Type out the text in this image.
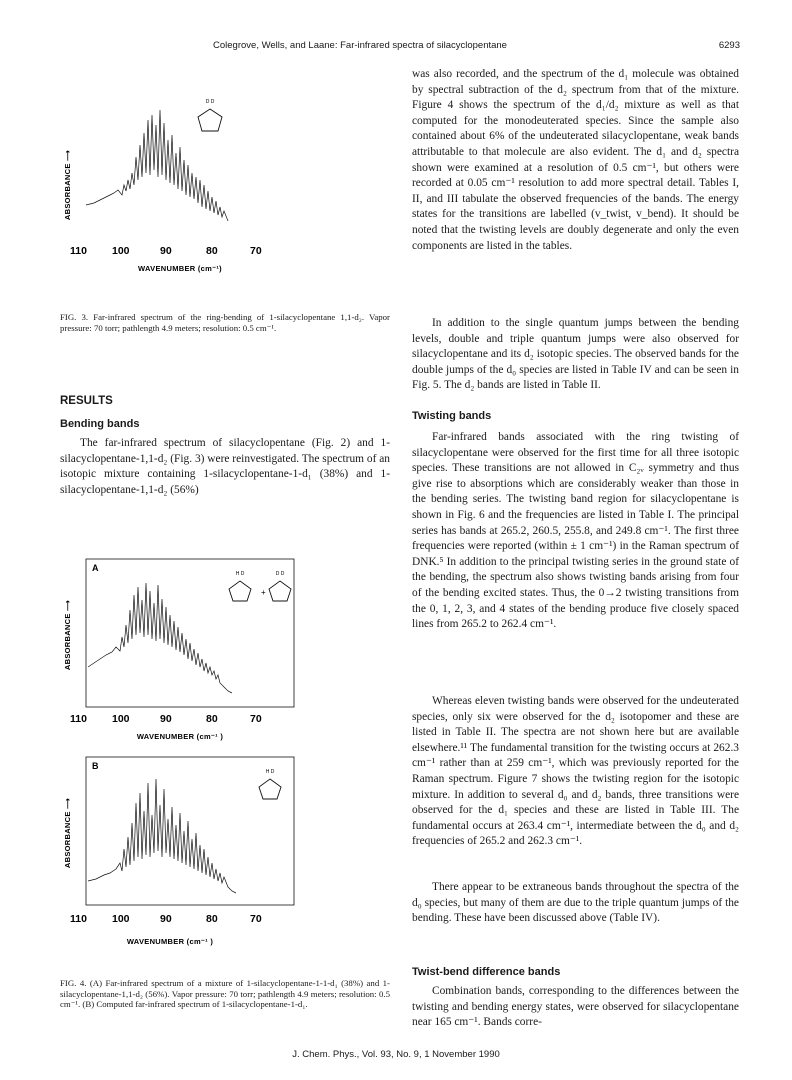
Colegrove, Wells, and Laane: Far-infrared spectra of silacyclopentane	6293
ABSORBANCE ⟶
D D
110 100	90	80	70
WAVENUMBER (cm⁻¹)
FIG. 3. Far-infrared spectrum of the ring-bending of 1-silacyclopentane 1,1-d₂. Vapor pressure: 70 torr; pathlength 4.9 meters; resolution: 0.5 cm⁻¹.
RESULTS
Bending bands
The far-infrared spectrum of silacyclopentane (Fig. 2) and 1-silacyclopentane-1,1-d₂ (Fig. 3) were reinvestigated. The spectrum of an isotopic mixture containing 1-silacyclopentane-1-d₁ (38%) and 1-silacyclopentane-1,1-d₂ (56%)
A
ABSORBANCE ⟶
H D
+
D D
110 100	90	80	70
WAVENUMBER (cm⁻¹ )
B
ABSORBANCE ⟶
H D
110 100	90	80	70
WAVENUMBER (cm⁻¹ )
FIG. 4. (A) Far-infrared spectrum of a mixture of 1-silacyclopentane-1-1-d₁ (38%) and 1-silacyclopentane-1,1-d₂ (56%). Vapor pressure: 70 torr; pathlength 4.9 meters; resolution: 0.5 cm⁻¹. (B) Computed far-infrared spectrum of 1-silacyclopentane-1-d₁.
was also recorded, and the spectrum of the d₁ molecule was obtained by spectral subtraction of the d₂ spectrum from that of the mixture. Figure 4 shows the spectrum of the d₁/d₂ mixture as well as that computed for the monodeuterated species. Since the sample also contained about 6% of the undeuterated silacyclopentane, weak bands attributable to that molecule are also evident. The d₁ and d₂ spectra shown were examined at a resolution of 0.5 cm⁻¹, but others were recorded at 0.05 cm⁻¹ resolution to add more spectral detail. Tables I, II, and III tabulate the observed frequencies of the bands. The energy states for the transitions are labelled (v_twist, v_bend). It should be noted that the twisting levels are doubly degenerate and only the even components are listed in the tables.
In addition to the single quantum jumps between the bending levels, double and triple quantum jumps were also observed for silacyclopentane and its d₂ isotopic species. The observed bands for the double jumps of the d₀ species are listed in Table IV and can be seen in Fig. 5. The d₂ bands are listed in Table II.
Twisting bands
Far-infrared bands associated with the ring twisting of silacyclopentane were observed for the first time for all three isotopic species. These transitions are not allowed in C₂ᵥ symmetry and thus give rise to absorptions which are considerably weaker than those in the bending series. The twisting band region for silacyclopentane is shown in Fig. 6 and the frequencies are listed in Table I. The principal series has bands at 265.2, 260.5, 255.8, and 249.8 cm⁻¹. The first three frequencies were reported (within ± 1 cm⁻¹) in the Raman spectrum of DNK.⁵ In addition to the principal twisting series in the ground state of the bending, the spectrum also shows twisting bands arising from four of the bending excited states. Thus, the 0→2 twisting transitions from the 0, 1, 2, 3, and 4 states of the bending produce five closely spaced lines from 265.2 to 262.4 cm⁻¹.
Whereas eleven twisting bands were observed for the undeuterated species, only six were observed for the d₂ isotopomer and these are listed in Table II. The spectra are not shown here but are available elsewhere.¹¹ The fundamental transition for the twisting occurs at 262.3 cm⁻¹ rather than at 259 cm⁻¹, which was previously reported for the Raman spectrum. Figure 7 shows the twisting region for the isotopic mixture. In addition to several d₀ and d₂ bands, three transitions were observed for the d₁ species and these are listed in Table III. The fundamental occurs at 263.4 cm⁻¹, intermediate between the d₀ and d₂ frequencies of 265.2 and 262.3 cm⁻¹.
There appear to be extraneous bands throughout the spectra of the d₀ species, but many of them are due to the triple quantum jumps of the bending. These have been discussed above (Table IV).
Twist-bend difference bands
Combination bands, corresponding to the differences between the twisting and bending energy states, were observed for silacyclopentane near 165 cm⁻¹. Bands corre-
J. Chem. Phys., Vol. 93, No. 9, 1 November 1990
